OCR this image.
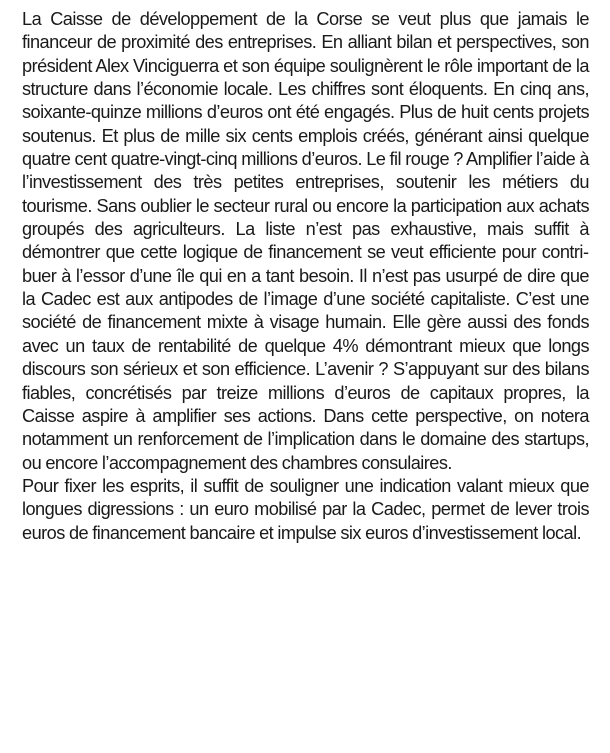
La Caisse de développement de la Corse se veut plus que jamais le financeur de proximité des entreprises. En alliant bilan et perspectives, son président Alex Vinciguerra et son équipe soulignèrent le rôle important de la structure dans l’économie locale. Les chiffres sont éloquents. En cinq ans, soixante-quinze millions d’euros ont été engagés. Plus de huit cents projets soutenus. Et plus de mille six cents emplois créés, générant ainsi quelque quatre cent quatre-vingt-cinq millions d’euros. Le fil rouge ? Amplifier l’aide à l’investissement des très petites entreprises, soutenir les métiers du tourisme. Sans oublier le secteur rural ou encore la participation aux achats groupés des agriculteurs. La liste n’est pas exhaustive, mais suffit à démontrer que cette logique de financement se veut efficiente pour contribuer à l’essor d’une île qui en a tant besoin. Il n’est pas usurpé de dire que la Cadec est aux antipodes de l’image d’une société capitaliste. C’est une société de financement mixte à visage humain. Elle gère aussi des fonds avec un taux de rentabilité de quelque 4% démontrant mieux que longs discours son sérieux et son efficience. L’avenir ? S’appuyant sur des bilans fiables, concrétisés par treize millions d’euros de capitaux propres, la Caisse aspire à amplifier ses actions. Dans cette perspective, on notera notamment un renforcement de l’implication dans le domaine des startups, ou encore l’accompagnement des chambres consulaires.

Pour fixer les esprits, il suffit de souligner une indication valant mieux que longues digressions : un euro mobilisé par la Cadec, permet de lever trois euros de financement bancaire et impulse six euros d’investissement local.
